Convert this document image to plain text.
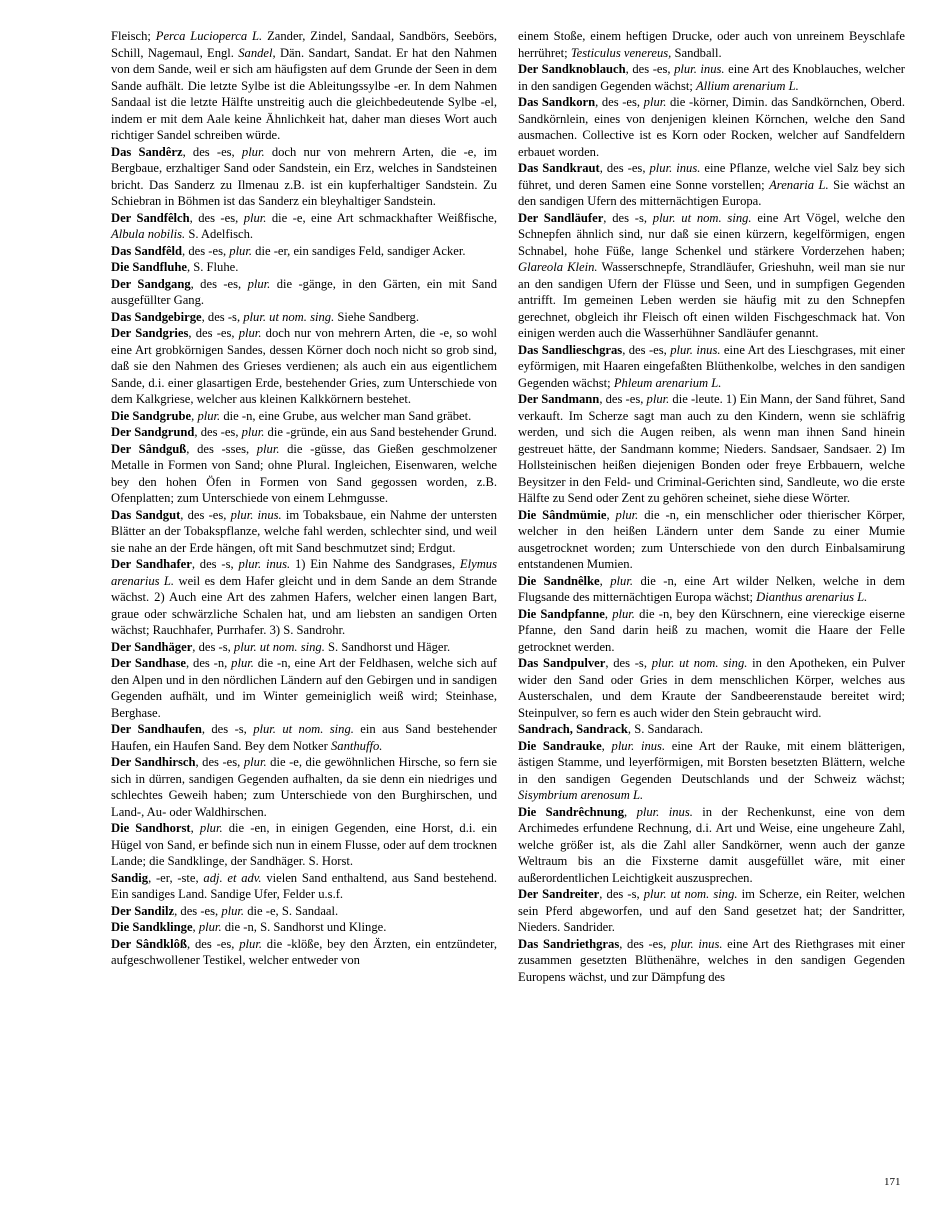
Fleisch; Perca Lucioperca L. Zander, Zindel, Sandaal, Sandbörs, Seebörs, Schill, Nagemaul, Engl. Sandel, Dän. Sandart, Sandat. Er hat den Nahmen von dem Sande, weil er sich am häufigsten auf dem Grunde der Seen in dem Sande aufhält. Die letzte Sylbe ist die Ableitungssylbe -er. In dem Nahmen Sandaal ist die letzte Hälfte unstreitig auch die gleichbedeutende Sylbe -el, indem er mit dem Aale keine Ähnlichkeit hat, daher man dieses Wort auch richtiger Sandel schreiben würde.

Das Sandêrz, des -es, plur. doch nur von mehrern Arten, die -e, im Bergbaue, erzhaltiger Sand oder Sandstein, ein Erz, welches in Sandsteinen bricht. Das Sanderz zu Ilmenau z.B. ist ein kupferhaltiger Sandstein. Zu Schiebran in Böhmen ist das Sanderz ein bleyhaltiger Sandstein.

Der Sandfêlch, des -es, plur. die -e, eine Art schmackhafter Weißfische, Albula nobilis. S. Adelfisch.

Das Sandfêld, des -es, plur. die -er, ein sandiges Feld, sandiger Acker.

Die Sandfluhe, S. Fluhe.

Der Sandgang, des -es, plur. die -gänge, in den Gärten, ein mit Sand ausgefüllter Gang.

Das Sandgebirge, des -s, plur. ut nom. sing. Siehe Sandberg.

Der Sandgries, des -es, plur. doch nur von mehrern Arten, die -e, so wohl eine Art grobkörnigen Sandes, dessen Körner doch noch nicht so grob sind, daß sie den Nahmen des Grieses verdienen; als auch ein aus eigentlichem Sande, d.i. einer glasartigen Erde, bestehender Gries, zum Unterschiede von dem Kalkgriese, welcher aus kleinen Kalkkörnern bestehet.

Die Sandgrube, plur. die -n, eine Grube, aus welcher man Sand gräbet.

Der Sandgrund, des -es, plur. die -gründe, ein aus Sand bestehender Grund.

Der Sândguß, des -sses, plur. die -güsse, das Gießen geschmolzener Metalle in Formen von Sand; ohne Plural. Ingleichen, Eisenwaren, welche bey den hohen Öfen in Formen von Sand gegossen worden, z.B. Ofenplatten; zum Unterschiede von einem Lehmgusse.

Das Sandgut, des -es, plur. inus. im Tobaksbaue, ein Nahme der untersten Blätter an der Tobakspflanze, welche fahl werden, schlechter sind, und weil sie nahe an der Erde hängen, oft mit Sand beschmutzet sind; Erdgut.

Der Sandhafer, des -s, plur. inus. 1) Ein Nahme des Sandgrases, Elymus arenarius L. weil es dem Hafer gleicht und in dem Sande an dem Strande wächst. 2) Auch eine Art des zahmen Hafers, welcher einen langen Bart, graue oder schwärzliche Schalen hat, und am liebsten an sandigen Orten wächst; Rauchhafer, Purrhafer. 3) S. Sandrohr.

Der Sandhäger, des -s, plur. ut nom. sing. S. Sandhorst und Häger.

Der Sandhase, des -n, plur. die -n, eine Art der Feldhasen, welche sich auf den Alpen und in den nördlichen Ländern auf den Gebirgen und in sandigen Gegenden aufhält, und im Winter gemeiniglich weiß wird; Steinhase, Berghase.

Der Sandhaufen, des -s, plur. ut nom. sing. ein aus Sand bestehender Haufen, ein Haufen Sand. Bey dem Notker Santhuffo.

Der Sandhirsch, des -es, plur. die -e, die gewöhnlichen Hirsche, so fern sie sich in dürren, sandigen Gegenden aufhalten, da sie denn ein niedriges und schlechtes Geweih haben; zum Unterschiede von den Burghirschen, und Land-, Au- oder Waldhirschen.

Die Sandhorst, plur. die -en, in einigen Gegenden, eine Horst, d.i. ein Hügel von Sand, er befinde sich nun in einem Flusse, oder auf dem trocknen Lande; die Sandklinge, der Sandhäger. S. Horst.

Sandig, -er, -ste, adj. et adv. vielen Sand enthaltend, aus Sand bestehend. Ein sandiges Land. Sandige Ufer, Felder u.s.f.

Der Sandilz, des -es, plur. die -e, S. Sandaal.

Die Sandklinge, plur. die -n, S. Sandhorst und Klinge.

Der Sândklôß, des -es, plur. die -klöße, bey den Ärzten, ein entzündeter, aufgeschwollener Testikel, welcher entweder von

einem Stoße, einem heftigen Drucke, oder auch von unreinem Beyschlafe herrühret; Testiculus venereus, Sandball.

Der Sandknoblauch, des -es, plur. inus. eine Art des Knoblauches, welcher in den sandigen Gegenden wächst; Allium arenarium L.

Das Sandkorn, des -es, plur. die -körner, Dimin. das Sandkörnchen, Oberd. Sandkörnlein, eines von denjenigen kleinen Körnchen, welche den Sand ausmachen. Collective ist es Korn oder Rocken, welcher auf Sandfeldern erbauet worden.

Das Sandkraut, des -es, plur. inus. eine Pflanze, welche viel Salz bey sich führet, und deren Samen eine Sonne vorstellen; Arenaria L. Sie wächst an den sandigen Ufern des mitternächtigen Europa.

Der Sandläufer, des -s, plur. ut nom. sing. eine Art Vögel, welche den Schnepfen ähnlich sind, nur daß sie einen kürzern, kegelförmigen, engen Schnabel, hohe Füße, lange Schenkel und stärkere Vorderzehen haben; Glareola Klein. Wasserschnepfe, Strandläufer, Grieshuhn, weil man sie nur an den sandigen Ufern der Flüsse und Seen, und in sumpfigen Gegenden antrifft. Im gemeinen Leben werden sie häufig mit zu den Schnepfen gerechnet, obgleich ihr Fleisch oft einen wilden Fischgeschmack hat. Von einigen werden auch die Wasserhühner Sandläufer genannt.

Das Sandlieschgras, des -es, plur. inus. eine Art des Lieschgrases, mit einer eyförmigen, mit Haaren eingefaßten Blüthenkolbe, welches in den sandigen Gegenden wächst; Phleum arenarium L.

Der Sandmann, des -es, plur. die -leute. 1) Ein Mann, der Sand führet, Sand verkauft. Im Scherze sagt man auch zu den Kindern, wenn sie schläfrig werden, und sich die Augen reiben, als wenn man ihnen Sand hinein gestreuet hätte, der Sandmann komme; Nieders. Sandsaer, Sandsaer. 2) Im Hollsteinischen heißen diejenigen Bonden oder freye Erbbauern, welche Beysitzer in den Feld- und Criminal-Gerichten sind, Sandleute, wo die erste Hälfte zu Send oder Zent zu gehören scheinet, siehe diese Wörter.

Die Sândmümie, plur. die -n, ein menschlicher oder thierischer Körper, welcher in den heißen Ländern unter dem Sande zu einer Mumie ausgetrocknet worden; zum Unterschiede von den durch Einbalsamirung entstandenen Mumien.

Die Sandnêlke, plur. die -n, eine Art wilder Nelken, welche in dem Flugsande des mitternächtigen Europa wächst; Dianthus arenarius L.

Die Sandpfanne, plur. die -n, bey den Kürschnern, eine viereckige eiserne Pfanne, den Sand darin heiß zu machen, womit die Haare der Felle getrocknet werden.

Das Sandpulver, des -s, plur. ut nom. sing. in den Apotheken, ein Pulver wider den Sand oder Gries in dem menschlichen Körper, welches aus Austerschalen, und dem Kraute der Sandbeerenstaude bereitet wird; Steinpulver, so fern es auch wider den Stein gebraucht wird.

Sandrach, Sandrack, S. Sandarach.

Die Sandrauke, plur. inus. eine Art der Rauke, mit einem blätterigen, ästigen Stamme, und leyerförmigen, mit Borsten besetzten Blättern, welche in den sandigen Gegenden Deutschlands und der Schweiz wächst; Sisymbrium arenosum L.

Die Sandrêchnung, plur. inus. in der Rechenkunst, eine von dem Archimedes erfundene Rechnung, d.i. Art und Weise, eine ungeheure Zahl, welche größer ist, als die Zahl aller Sandkörner, wenn auch der ganze Weltraum bis an die Fixsterne damit ausgefüllet wäre, mit einer außerordentlichen Leichtigkeit auszusprechen.

Der Sandreiter, des -s, plur. ut nom. sing. im Scherze, ein Reiter, welchen sein Pferd abgeworfen, und auf den Sand gesetzet hat; der Sandritter, Nieders. Sandrider.

Das Sandriethgras, des -es, plur. inus. eine Art des Riethgrases mit einer zusammen gesetzten Blüthenähre, welches in den sandigen Gegenden Europens wächst, und zur Dämpfung des

171
